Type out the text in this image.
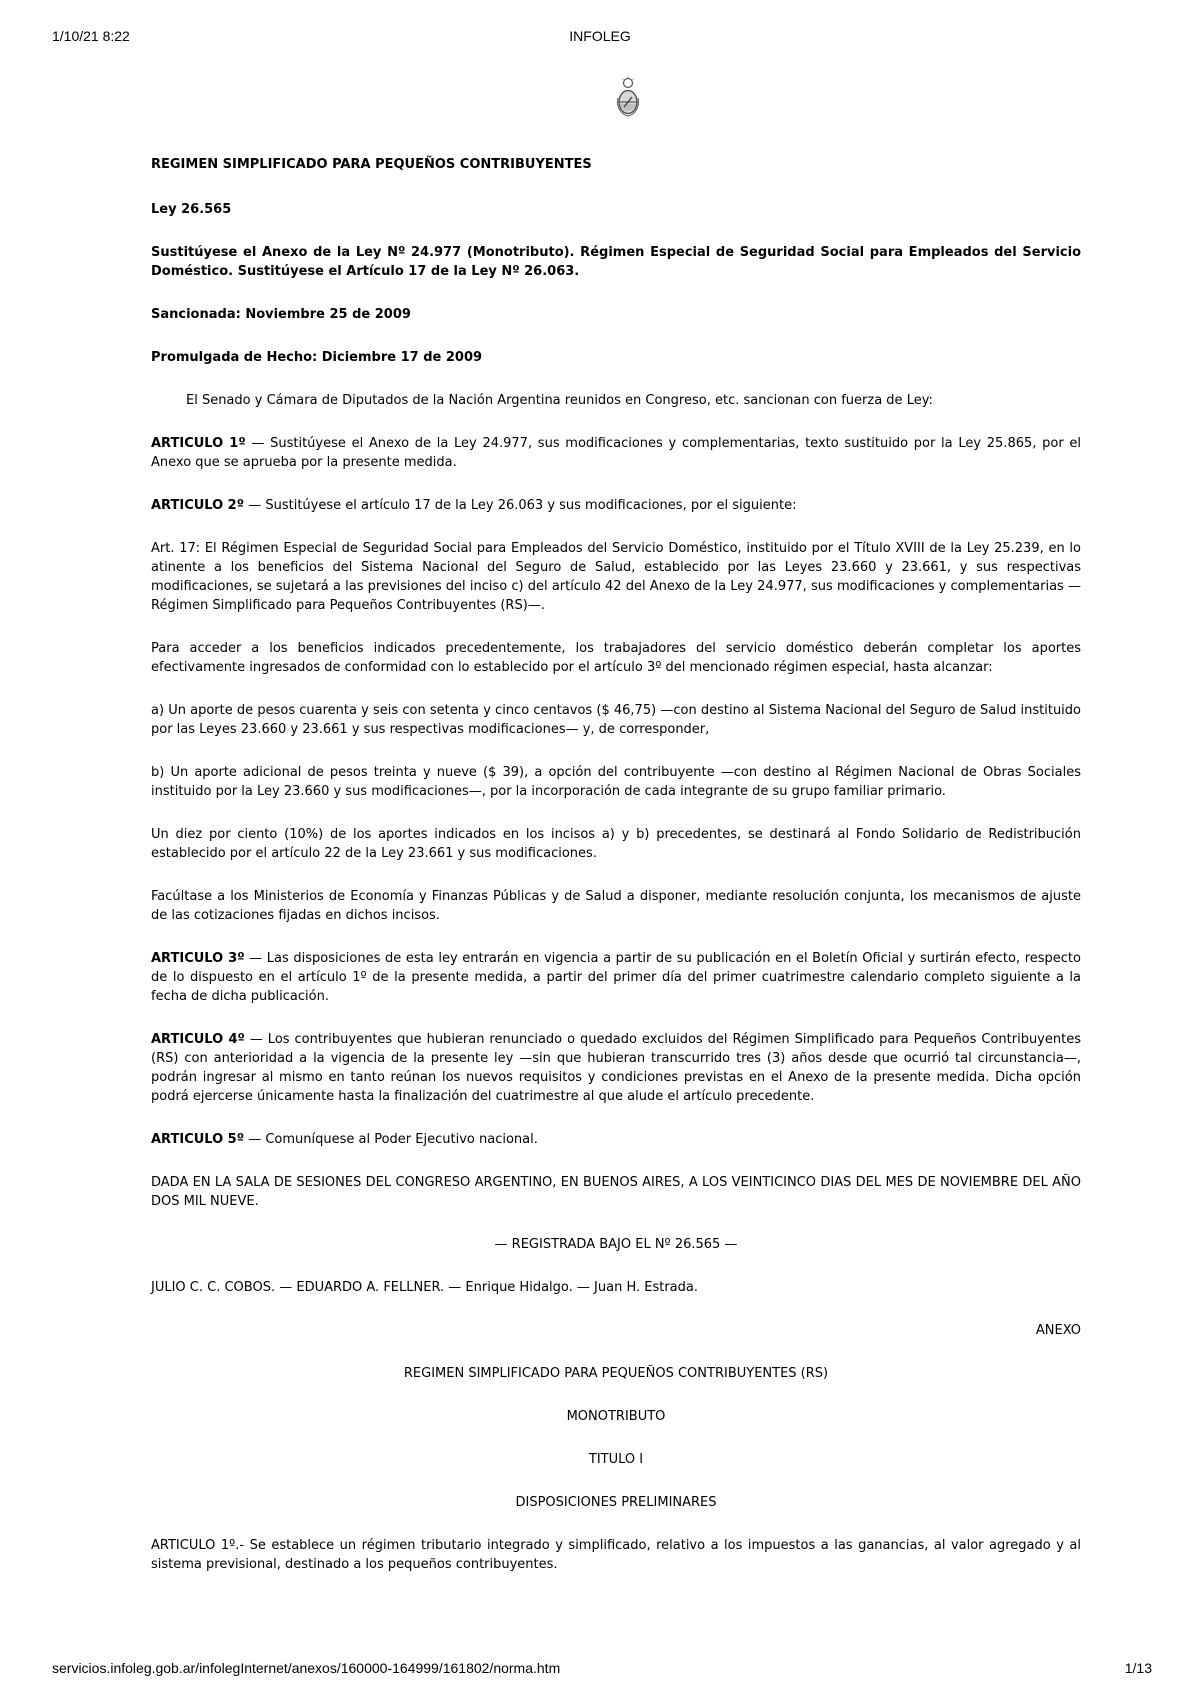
1/10/21 8:22	INFOLEG

REGIMEN SIMPLIFICADO PARA PEQUEÑOS CONTRIBUYENTES

Ley 26.565

Sustitúyese el Anexo de la Ley Nº 24.977 (Monotributo). Régimen Especial de Seguridad Social para Empleados del Servicio Doméstico. Sustitúyese el Artículo 17 de la Ley Nº 26.063.

Sancionada: Noviembre 25 de 2009

Promulgada de Hecho: Diciembre 17 de 2009

El Senado y Cámara de Diputados de la Nación Argentina reunidos en Congreso, etc. sancionan con fuerza de Ley:

ARTICULO 1º — Sustitúyese el Anexo de la Ley 24.977, sus modificaciones y complementarias, texto sustituido por la Ley 25.865, por el Anexo que se aprueba por la presente medida.

ARTICULO 2º — Sustitúyese el artículo 17 de la Ley 26.063 y sus modificaciones, por el siguiente:

Art. 17: El Régimen Especial de Seguridad Social para Empleados del Servicio Doméstico, instituido por el Título XVIII de la Ley 25.239, en lo atinente a los beneficios del Sistema Nacional del Seguro de Salud, establecido por las Leyes 23.660 y 23.661, y sus respectivas modificaciones, se sujetará a las previsiones del inciso c) del artículo 42 del Anexo de la Ley 24.977, sus modificaciones y complementarias —Régimen Simplificado para Pequeños Contribuyentes (RS)—.

Para acceder a los beneficios indicados precedentemente, los trabajadores del servicio doméstico deberán completar los aportes efectivamente ingresados de conformidad con lo establecido por el artículo 3º del mencionado régimen especial, hasta alcanzar:

a) Un aporte de pesos cuarenta y seis con setenta y cinco centavos ($ 46,75) —con destino al Sistema Nacional del Seguro de Salud instituido por las Leyes 23.660 y 23.661 y sus respectivas modificaciones— y, de corresponder,

b) Un aporte adicional de pesos treinta y nueve ($ 39), a opción del contribuyente —con destino al Régimen Nacional de Obras Sociales instituido por la Ley 23.660 y sus modificaciones—, por la incorporación de cada integrante de su grupo familiar primario.

Un diez por ciento (10%) de los aportes indicados en los incisos a) y b) precedentes, se destinará al Fondo Solidario de Redistribución establecido por el artículo 22 de la Ley 23.661 y sus modificaciones.

Facúltase a los Ministerios de Economía y Finanzas Públicas y de Salud a disponer, mediante resolución conjunta, los mecanismos de ajuste de las cotizaciones fijadas en dichos incisos.

ARTICULO 3º — Las disposiciones de esta ley entrarán en vigencia a partir de su publicación en el Boletín Oficial y surtirán efecto, respecto de lo dispuesto en el artículo 1º de la presente medida, a partir del primer día del primer cuatrimestre calendario completo siguiente a la fecha de dicha publicación.

ARTICULO 4º — Los contribuyentes que hubieran renunciado o quedado excluidos del Régimen Simplificado para Pequeños Contribuyentes (RS) con anterioridad a la vigencia de la presente ley —sin que hubieran transcurrido tres (3) años desde que ocurrió tal circunstancia—, podrán ingresar al mismo en tanto reúnan los nuevos requisitos y condiciones previstas en el Anexo de la presente medida. Dicha opción podrá ejercerse únicamente hasta la finalización del cuatrimestre al que alude el artículo precedente.

ARTICULO 5º — Comuníquese al Poder Ejecutivo nacional.

DADA EN LA SALA DE SESIONES DEL CONGRESO ARGENTINO, EN BUENOS AIRES, A LOS VEINTICINCO DIAS DEL MES DE NOVIEMBRE DEL AÑO DOS MIL NUEVE.

— REGISTRADA BAJO EL Nº 26.565 —

JULIO C. C. COBOS. — EDUARDO A. FELLNER. — Enrique Hidalgo. — Juan H. Estrada.

ANEXO

REGIMEN SIMPLIFICADO PARA PEQUEÑOS CONTRIBUYENTES (RS)

MONOTRIBUTO

TITULO I

DISPOSICIONES PRELIMINARES

ARTICULO 1º.- Se establece un régimen tributario integrado y simplificado, relativo a los impuestos a las ganancias, al valor agregado y al sistema previsional, destinado a los pequeños contribuyentes.

servicios.infoleg.gob.ar/infolegInternet/anexos/160000-164999/161802/norma.htm	1/13
